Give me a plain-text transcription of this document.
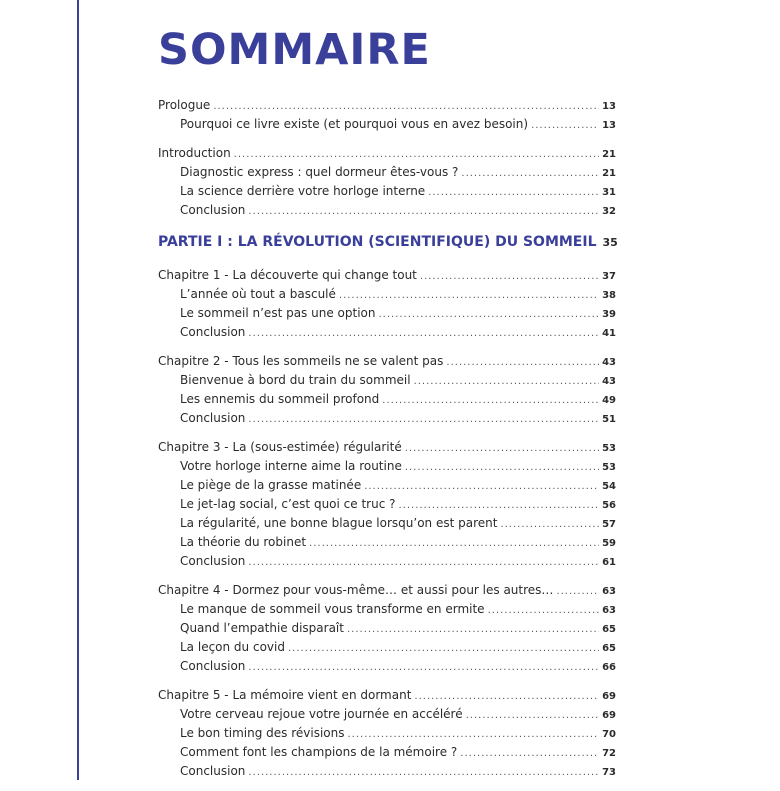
SOMMAIRE
Prologue .....	13
Pourquoi ce livre existe (et pourquoi vous en avez besoin) .....	13
Introduction .....	21
Diagnostic express : quel dormeur êtes-vous ? .....	21
La science derrière votre horloge interne .....	31
Conclusion .....	32
PARTIE I : LA RÉVOLUTION (SCIENTIFIQUE) DU SOMMEIL 35
Chapitre 1 - La découverte qui change tout .....	37
L’année où tout a basculé .....	38
Le sommeil n’est pas une option .....	39
Conclusion .....	41
Chapitre 2 - Tous les sommeils ne se valent pas .....	43
Bienvenue à bord du train du sommeil .....	43
Les ennemis du sommeil profond .....	49
Conclusion .....	51
Chapitre 3 - La (sous-estimée) régularité .....	53
Votre horloge interne aime la routine .....	53
Le piège de la grasse matinée .....	54
Le jet-lag social, c’est quoi ce truc ? .....	56
La régularité, une bonne blague lorsqu’on est parent .....	57
La théorie du robinet .....	59
Conclusion .....	61
Chapitre 4 - Dormez pour vous-même… et aussi pour les autres… .....	63
Le manque de sommeil vous transforme en ermite .....	63
Quand l’empathie disparaît .....	65
La leçon du covid .....	65
Conclusion .....	66
Chapitre 5 - La mémoire vient en dormant .....	69
Votre cerveau rejoue votre journée en accéléré .....	69
Le bon timing des révisions .....	70
Comment font les champions de la mémoire ? .....	72
Conclusion .....	73
